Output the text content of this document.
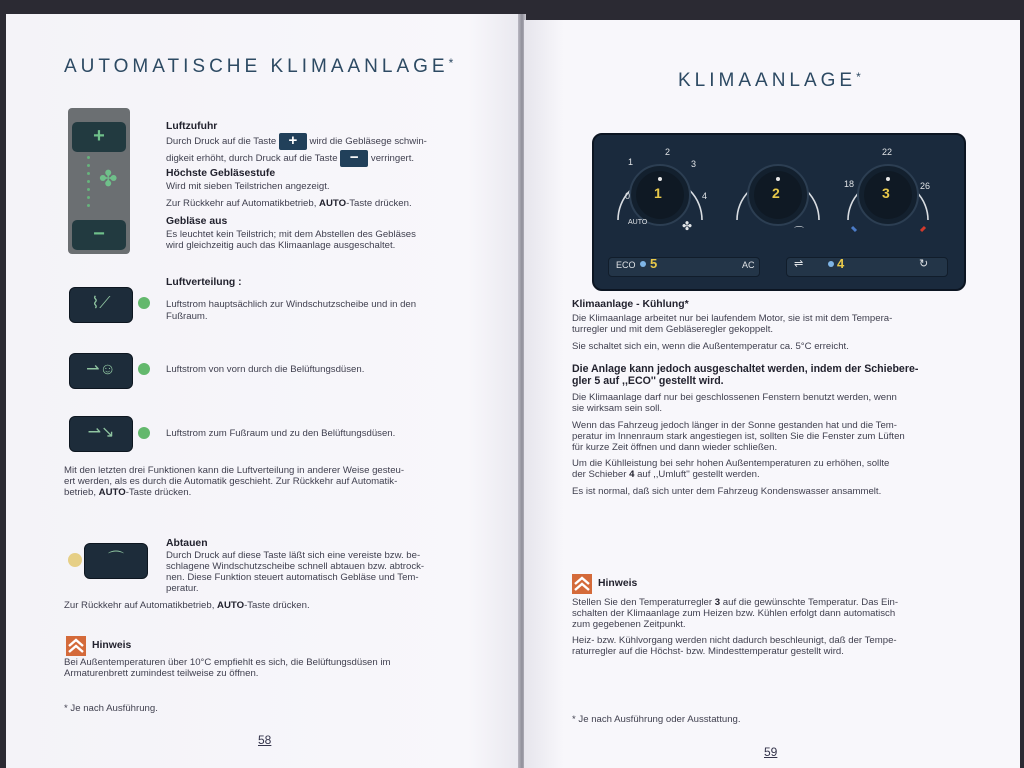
AUTOMATISCHE KLIMAANLAGE*
+
✤
−
Luftzufuhr
Durch Druck auf die Taste + wird die Gebläsege schwin-
digkeit erhöht, durch Druck auf die Taste − verringert.
Höchste Gebläsestufe
Wird mit sieben Teilstrichen angezeigt.
Zur Rückkehr auf Automatikbetrieb, AUTO-Taste drücken.
Gebläse aus
Es leuchtet kein Teilstrich; mit dem Abstellen des Gebläses
wird gleichzeitig auch das Klimaanlage ausgeschaltet.
Luftverteilung :
⌇⟋	Luftstrom hauptsächlich zur Windschutzscheibe und in den
Fußraum.
⇀☺	Luftstrom von vorn durch die Belüftungsdüsen.
⇀↘	Luftstrom zum Fußraum und zu den Belüftungsdüsen.
Mit den letzten drei Funktionen kann die Luftverteilung in anderer Weise gesteu-
ert werden, als es durch die Automatik geschieht. Zur Rückkehr auf Automatik-
betrieb, AUTO-Taste drücken.
⌒
Abtauen
Durch Druck auf diese Taste läßt sich eine vereiste bzw. be-
schlagene Windschutzscheibe schnell abtauen bzw. abtrock-
nen. Diese Funktion steuert automatisch Gebläse und Tem-
peratur.
Zur Rückkehr auf Automatikbetrieb, AUTO-Taste drücken.
Hinweis
Bei Außentemperaturen über 10°C empfiehlt es sich, die Belüftungsdüsen im
Armaturenbrett zumindest teilweise zu öffnen.
* Je nach Ausführung.
58
KLIMAANLAGE*
1
2
3
0	4
AUTO
1
✤
2
⌒
22
18	26
3
ECO 5	AC	⇌	4	↻
Klimaanlage - Kühlung*
Die Klimaanlage arbeitet nur bei laufendem Motor, sie ist mit dem Tempera-
turregler und mit dem Gebläseregler gekoppelt.
Sie schaltet sich ein, wenn die Außentemperatur ca. 5°C erreicht.
Die Anlage kann jedoch ausgeschaltet werden, indem der Schiebere-
gler 5 auf ,,ECO'' gestellt wird.
Die Klimaanlage darf nur bei geschlossenen Fenstern benutzt werden, wenn
sie wirksam sein soll.
Wenn das Fahrzeug jedoch länger in der Sonne gestanden hat und die Tem-
peratur im Innenraum stark angestiegen ist, sollten Sie die Fenster zum Lüften
für kurze Zeit öffnen und dann wieder schließen.
Um die Kühlleistung bei sehr hohen Außentemperaturen zu erhöhen, sollte
der Schieber 4 auf ,,Umluft'' gestellt werden.
Es ist normal, daß sich unter dem Fahrzeug Kondenswasser ansammelt.
Hinweis
Stellen Sie den Temperaturregler 3 auf die gewünschte Temperatur. Das Ein-
schalten der Klimaanlage zum Heizen bzw. Kühlen erfolgt dann automatisch
zum gegebenen Zeitpunkt.
Heiz- bzw. Kühlvorgang werden nicht dadurch beschleunigt, daß der Tempe-
raturregler auf die Höchst- bzw. Mindesttemperatur gestellt wird.
* Je nach Ausführung oder Ausstattung.
59
